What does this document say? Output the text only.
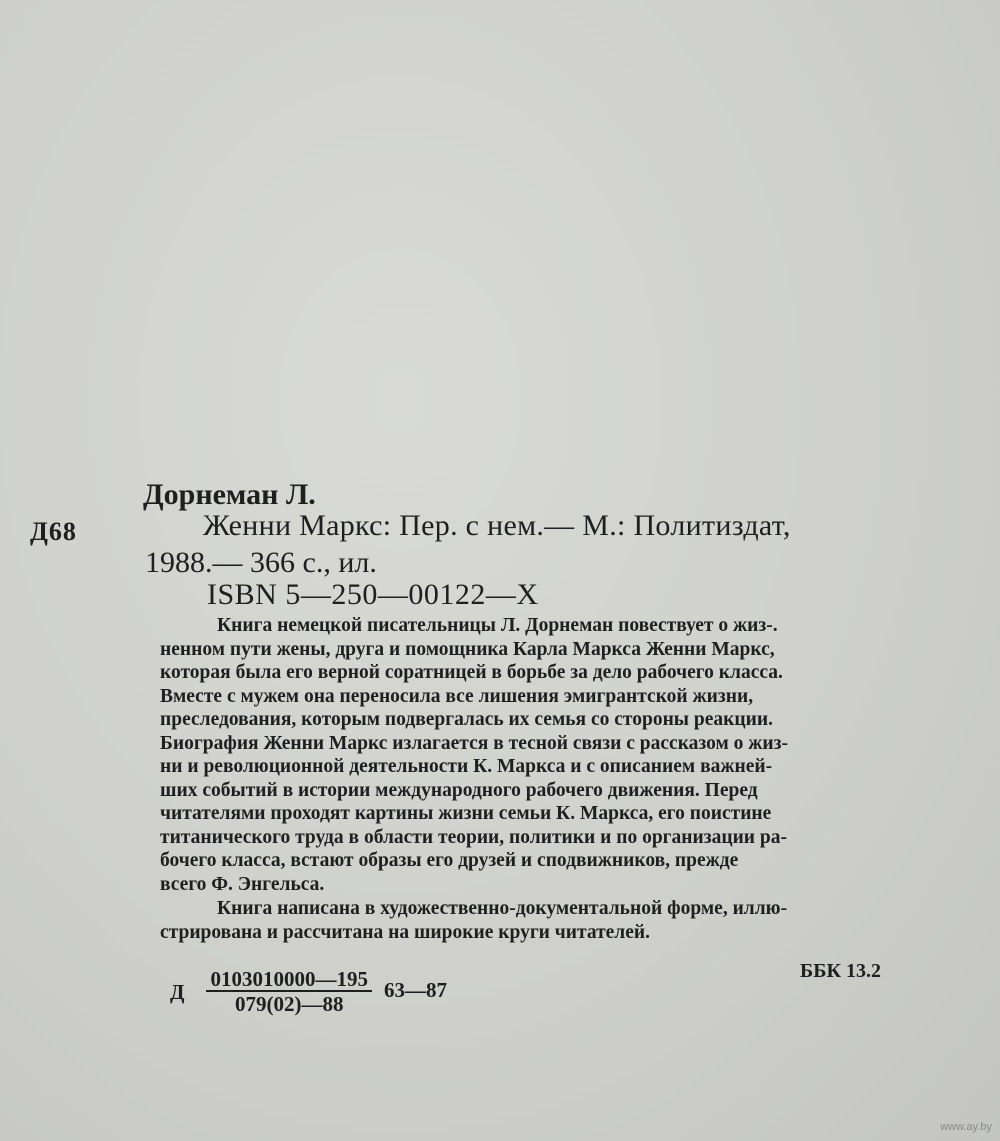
Д68
Дорнеман Л.
Женни Маркс: Пер. с нем.— М.: Политиздат,
1988.— 366 с., ил.
ISBN 5—250—00122—Х
Книга немецкой писательницы Л. Дорнеман повествует о жиз-.
ненном пути жены, друга и помощника Карла Маркса Женни Маркс,
которая была его верной соратницей в борьбе за дело рабочего класса.
Вместе с мужем она переносила все лишения эмигрантской жизни,
преследования, которым подвергалась их семья со стороны реакции.
Биография Женни Маркс излагается в тесной связи с рассказом о жиз-
ни и революционной деятельности К. Маркса и с описанием важней-
ших событий в истории международного рабочего движения. Перед
читателями проходят картины жизни семьи К. Маркса, его поистине
титанического труда в области теории, политики и по организации ра-
бочего класса, встают образы его друзей и сподвижников, прежде
всего Ф. Энгельса.
Книга написана в художественно-документальной форме, иллю-
стрирована и рассчитана на широкие круги читателей.
Д $\frac{0103010000—195}{079(02)—88}$ 63—87
ББК 13.2
www.ay.by
